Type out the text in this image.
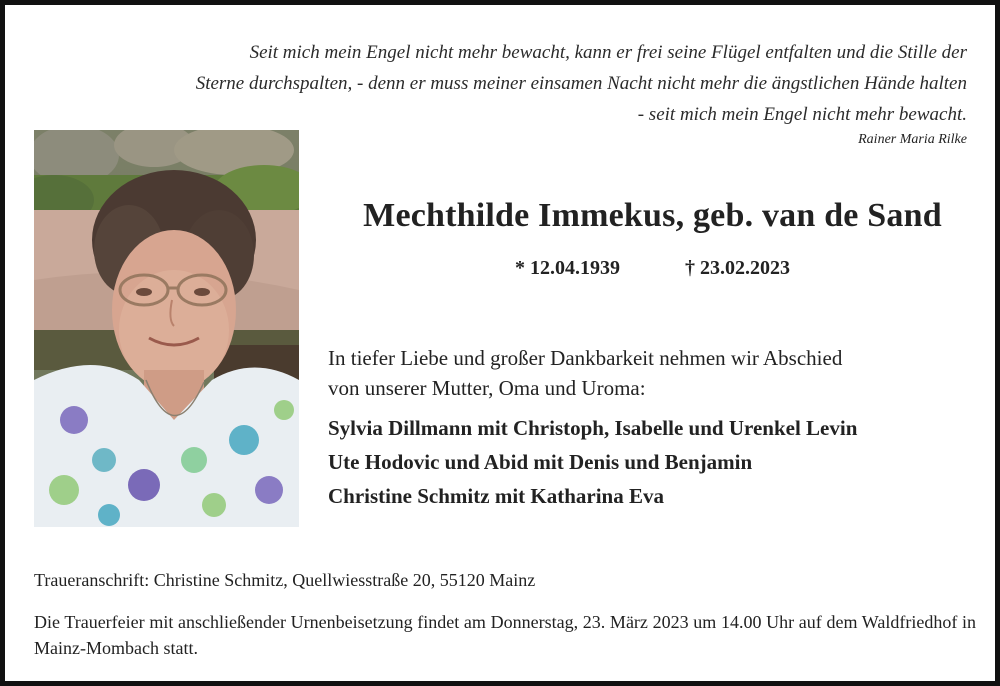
Seit mich mein Engel nicht mehr bewacht, kann er frei seine Flügel entfalten und die Stille der
Sterne durchspalten, - denn er muss meiner einsamen Nacht nicht mehr die ängstlichen Hände halten
- seit mich mein Engel nicht mehr bewacht.
Rainer Maria Rilke
Mechthilde Immekus, geb. van de Sand
* 12.04.1939	† 23.02.2023
In tiefer Liebe und großer Dankbarkeit nehmen wir Abschied
von unserer Mutter, Oma und Uroma:
Sylvia Dillmann mit Christoph, Isabelle und Urenkel Levin
Ute Hodovic und Abid mit Denis und Benjamin
Christine Schmitz mit Katharina Eva
Traueranschrift: Christine Schmitz, Quellwiesstraße 20, 55120 Mainz
Die Trauerfeier mit anschließender Urnenbeisetzung findet am Donnerstag, 23. März 2023 um 14.00 Uhr auf dem Waldfriedhof in Mainz-Mombach statt.
